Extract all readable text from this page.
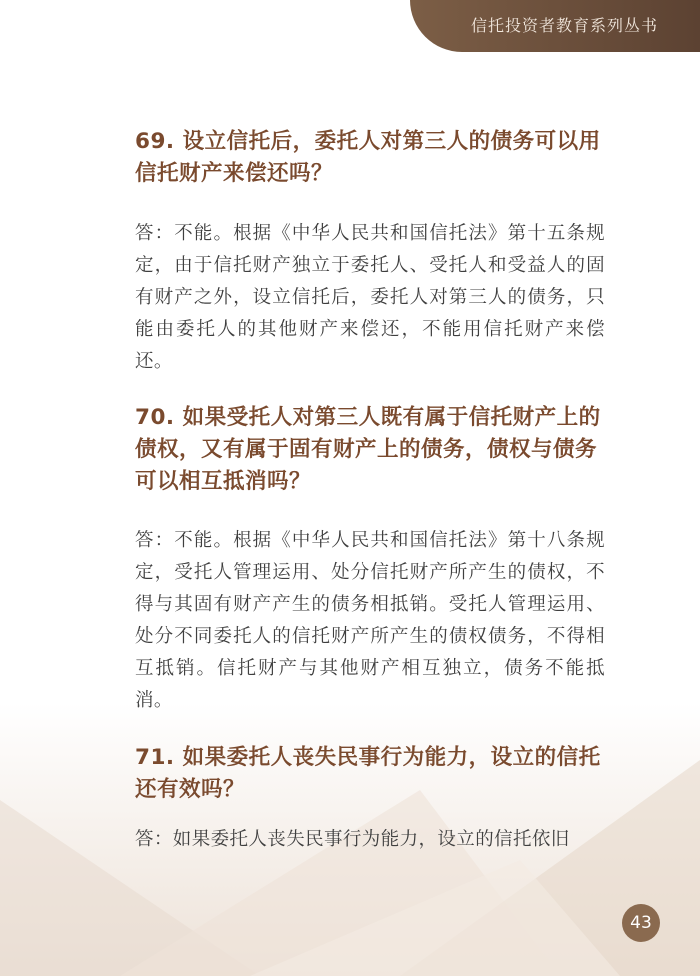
信托投资者教育系列丛书

69. 设立信托后，委托人对第三人的债务可以用信托财产来偿还吗？

答：不能。根据《中华人民共和国信托法》第十五条规定，由于信托财产独立于委托人、受托人和受益人的固有财产之外，设立信托后，委托人对第三人的债务，只能由委托人的其他财产来偿还，不能用信托财产来偿还。

70. 如果受托人对第三人既有属于信托财产上的债权，又有属于固有财产上的债务，债权与债务可以相互抵消吗？

答：不能。根据《中华人民共和国信托法》第十八条规定，受托人管理运用、处分信托财产所产生的债权，不得与其固有财产产生的债务相抵销。受托人管理运用、处分不同委托人的信托财产所产生的债权债务，不得相互抵销。信托财产与其他财产相互独立，债务不能抵消。

71. 如果委托人丧失民事行为能力，设立的信托还有效吗？

答：如果委托人丧失民事行为能力，设立的信托依旧

43
